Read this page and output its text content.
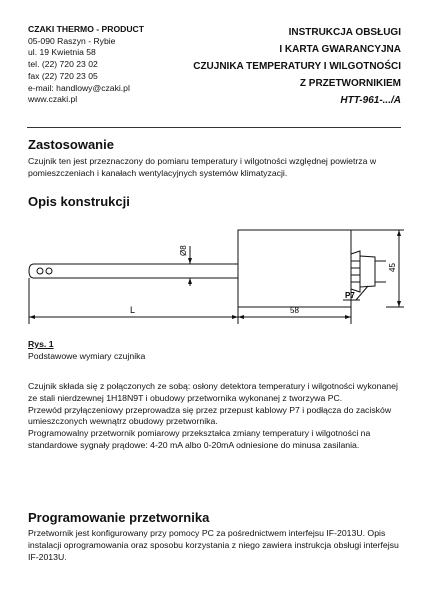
CZAKI THERMO - PRODUCT
05-090 Raszyn - Rybie
ul. 19 Kwietnia 58
tel. (22) 720 23 02
fax (22) 720 23 05
e-mail: handlowy@czaki.pl
www.czaki.pl
INSTRUKCJA OBSŁUGI
I KARTA GWARANCYJNA
CZUJNIKA TEMPERATURY I WILGOTNOŚCI
Z PRZETWORNIKIEM
HTT-961-.../A
Zastosowanie

Czujnik ten jest przeznaczony do pomiaru temperatury i wilgotności względnej powietrza w pomieszczeniach i kanałach wentylacyjnych systemów klimatyzacji.

Opis konstrukcji
Ø8
L	58
45
P7
Rys. 1

Podstawowe wymiary czujnika

Czujnik składa się z połączonych ze sobą: osłony detektora temperatury i wilgotności wykonanej ze stali nierdzewnej 1H18N9T i obudowy przetwornika wykonanej z tworzywa PC.

Przewód przyłączeniowy przeprowadza się przez przepust kablowy P7 i podłącza do zacisków umieszczonych wewnątrz obudowy przetwornika.

Programowalny przetwornik pomiarowy przekształca zmiany temperatury i wilgotności na standardowe sygnały prądowe: 4-20 mA albo 0-20mA odniesione do minusa zasilania.

Programowanie przetwornika

Przetwornik jest konfigurowany przy pomocy PC za pośrednictwem interfejsu IF-2013U. Opis instalacji oprogramowania oraz sposobu korzystania z niego zawiera instrukcja obsługi interfejsu IF-2013U.
